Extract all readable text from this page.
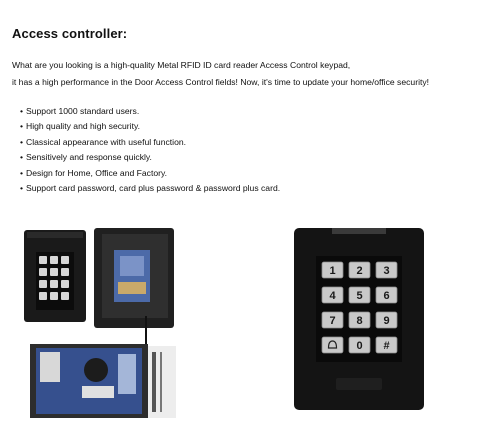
Access controller:
What are you looking is a high-quality Metal RFID ID card reader Access Control keypad,
it has a high performance in the Door Access Control fields! Now, it's time to update your home/office security!
• Support 1000 standard users.
• High quality and high security.
• Classical appearance with useful function.
• Sensitively and response quickly.
• Design for Home, Office and Factory.
• Support card password, card plus password & password plus card.
1 2 3
4 5 6
7 8 9
0 #
